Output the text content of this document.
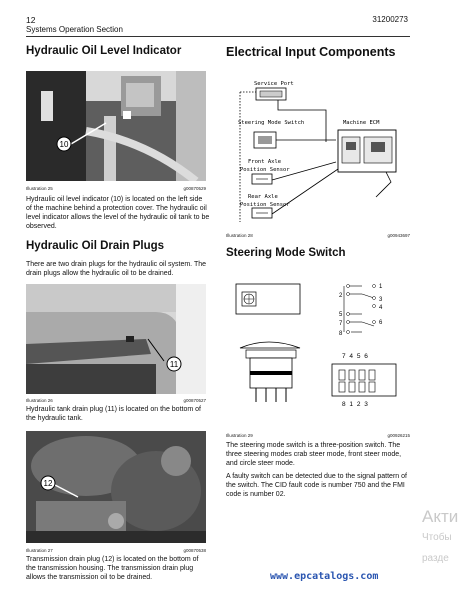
12
Systems Operation Section
31200273
Hydraulic Oil Level Indicator
10
Illustration 25	g00870529
Hydraulic oil level indicator (10) is located on the left side of the machine behind a protection cover. The hydraulic oil level indicator allows the level of the hydraulic oil tank to be observed.
Hydraulic Oil Drain Plugs
There are two drain plugs for the hydraulic oil system. The drain plugs allow the hydraulic oil to be drained.
11
Illustration 26	g00870527
Hydraulic tank drain plug (11) is located on the bottom of the hydraulic tank.
12
Illustration 27	g00870538
Transmission drain plug (12) is located on the bottom of the transmission housing. The transmission drain plug allows the transmission oil to be drained.
Electrical Input Components
Service Port
Steering Mode Switch	Machine ECM
Front Axle
Position Sensor
Rear Axle
Position Sensor
Illustration 28	g00943697
Steering Mode Switch
2
1
3
4
5
7	6
8
7 4 5 6
8 1 2 3
Illustration 29	g00926215
The steering mode switch is a three-position switch. The three steering modes crab steer mode, front steer mode, and circle steer mode.
A faulty switch can be detected due to the signal pattern of the switch. The CID fault code is number 750 and the FMI code is number 02.
www.epcatalogs.com
Акти
Чтобы
разде
